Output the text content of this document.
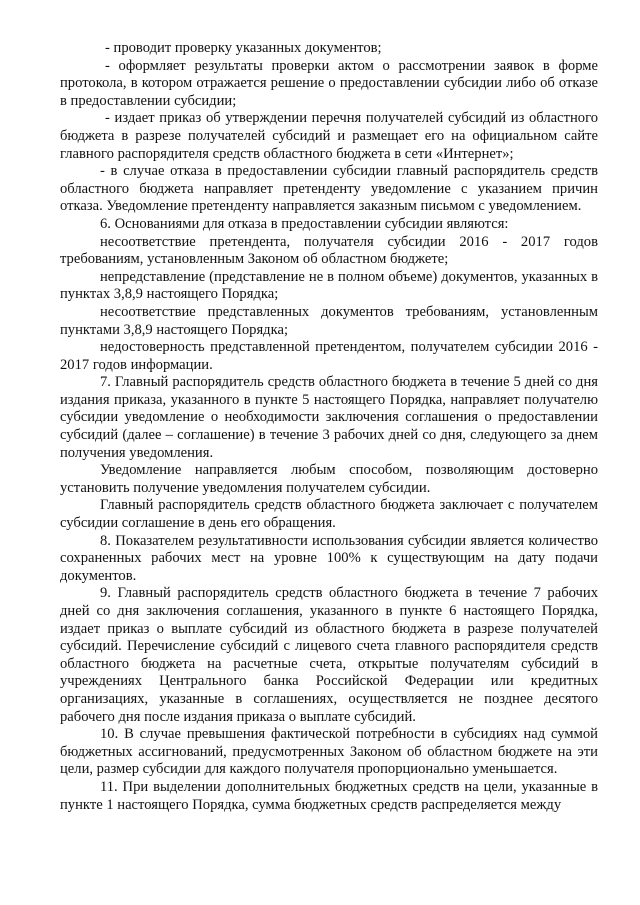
- проводит проверку указанных документов;

- оформляет результаты проверки актом о рассмотрении заявок в форме протокола, в котором отражается решение о предоставлении субсидии либо об отказе в предоставлении субсидии;

- издает приказ об утверждении перечня получателей субсидий из областного бюджета в разрезе получателей субсидий и размещает его на официальном сайте главного распорядителя средств областного бюджета в сети «Интернет»;

- в случае отказа в предоставлении субсидии главный распорядитель средств областного бюджета направляет претенденту уведомление с указанием причин отказа. Уведомление претенденту направляется заказным письмом с уведомлением.

6. Основаниями для отказа в предоставлении субсидии являются:

несоответствие претендента, получателя субсидии 2016 - 2017 годов требованиям, установленным Законом об областном бюджете;

непредставление (представление не в полном объеме) документов, указанных в пунктах 3,8,9 настоящего Порядка;

несоответствие представленных документов требованиям, установленным пунктами 3,8,9 настоящего Порядка;

недостоверность представленной претендентом, получателем субсидии 2016 - 2017 годов информации.

7. Главный распорядитель средств областного бюджета в течение 5 дней со дня издания приказа, указанного в пункте 5 настоящего Порядка, направляет получателю субсидии уведомление о необходимости заключения соглашения о предоставлении субсидий (далее – соглашение) в течение 3 рабочих дней со дня, следующего за днем получения уведомления.

Уведомление направляется любым способом, позволяющим достоверно установить получение уведомления получателем субсидии.

Главный распорядитель средств областного бюджета заключает с получателем субсидии соглашение в день его обращения.

8. Показателем результативности использования субсидии является количество сохраненных рабочих мест на уровне 100% к существующим на дату подачи документов.

9. Главный распорядитель средств областного бюджета в течение 7 рабочих дней со дня заключения соглашения, указанного в пункте 6 настоящего Порядка, издает приказ о выплате субсидий из областного бюджета в разрезе получателей субсидий. Перечисление субсидий с лицевого счета главного распорядителя средств областного бюджета на расчетные счета, открытые получателям субсидий в учреждениях Центрального банка Российской Федерации или кредитных организациях, указанные в соглашениях, осуществляется не позднее десятого рабочего дня после издания приказа о выплате субсидий.

10. В случае превышения фактической потребности в субсидиях над суммой бюджетных ассигнований, предусмотренных Законом об областном бюджете на эти цели, размер субсидии для каждого получателя пропорционально уменьшается.

11. При выделении дополнительных бюджетных средств на цели, указанные в пункте 1 настоящего Порядка, сумма бюджетных средств распределяется между
